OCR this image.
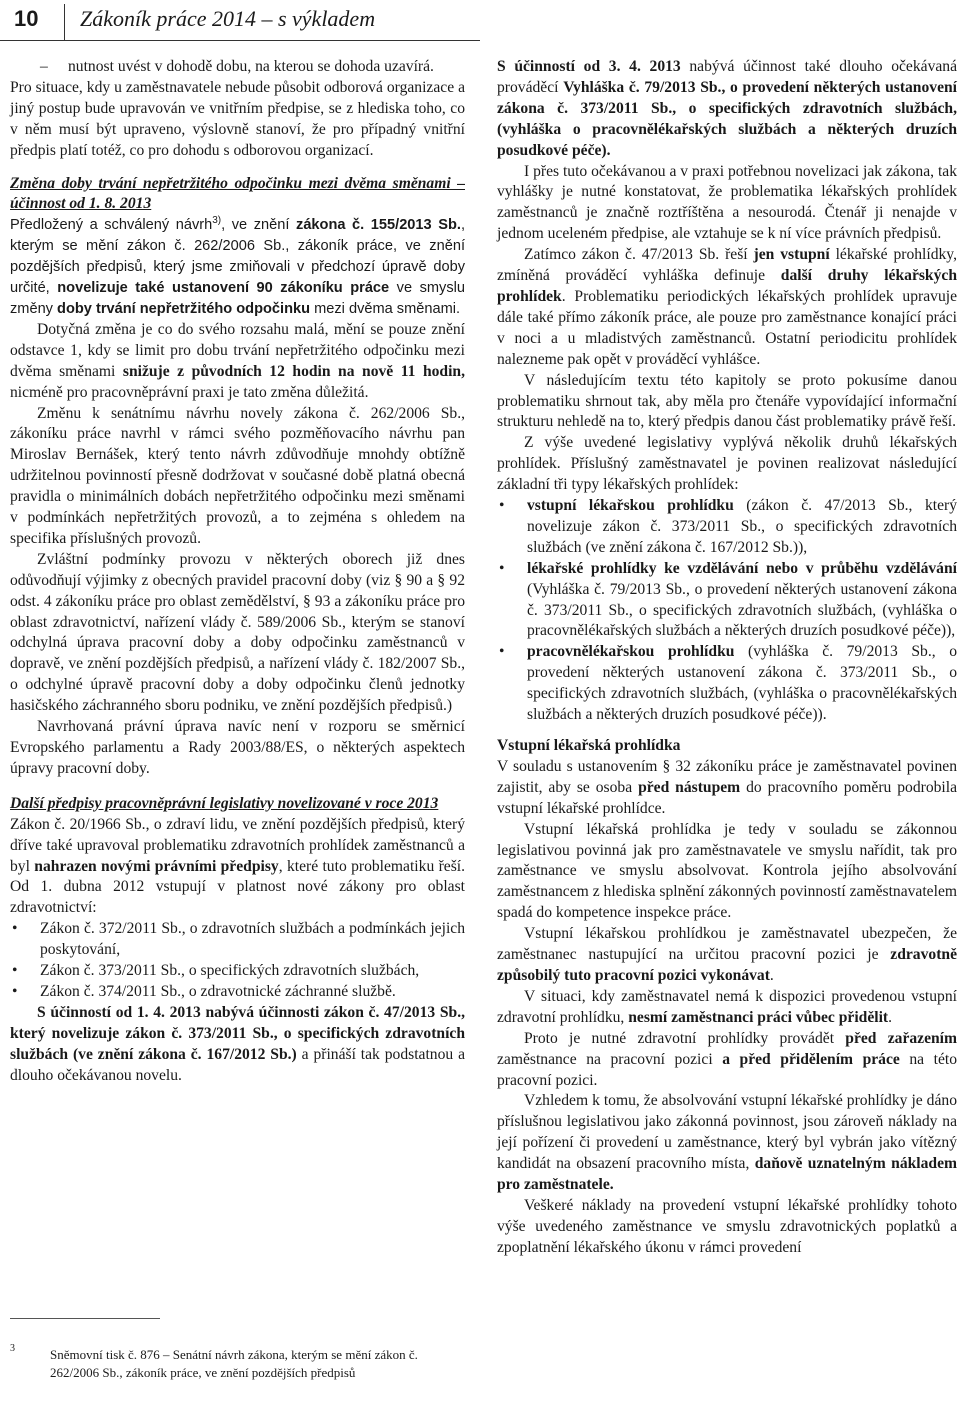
10 Zákoník práce 2014 – s výkladem

– nutnost uvést v dohodě dobu, na kterou se dohoda uzavírá.

Pro situace, kdy u zaměstnavatele nebude působit odborová organizace a jiný postup bude upravován ve vnitřním předpise, se z hlediska toho, co v něm musí být upraveno, výslovně stanoví, že pro případný vnitřní předpis platí totéž, co pro dohodu s odborovou organizací.

Změna doby trvání nepřetržitého odpočinku mezi dvěma směnami – účinnost od 1. 8. 2013

Předložený a schválený návrh$^{3)}$, ve znění zákona č. 155/2013 Sb., kterým se mění zákon č. 262/2006 Sb., zákoník práce, ve znění pozdějších předpisů, který jsme zmiňovali v předchozí úpravě doby určité, novelizuje také ustanovení 90 zákoníku práce ve smyslu změny doby trvání nepřetržitého odpočinku mezi dvěma směnami.

Dotyčná změna je co do svého rozsahu malá, mění se pouze znění odstavce 1, kdy se limit pro dobu trvání nepřetržitého odpočinku mezi dvěma směnami snižuje z původních 12 hodin na nově 11 hodin, nicméně pro pracovněprávní praxi je tato změna důležitá.

Změnu k senátnímu návrhu novely zákona č. 262/2006 Sb., zákoníku práce navrhl v rámci svého pozměňovacího návrhu pan Miroslav Bernášek, který tento návrh zdůvodňuje mnohdy obtížně udržitelnou povinností přesně dodržovat v současné době platná obecná pravidla o minimálních dobách nepřetržitého odpočinku mezi směnami v podmínkách nepřetržitých provozů, a to zejména s ohledem na specifika příslušných provozů.

Zvláštní podmínky provozu v některých oborech již dnes odůvodňují výjimky z obecných pravidel pracovní doby (viz § 90 a § 92 odst. 4 zákoníku práce pro oblast zemědělství, § 93 a zákoníku práce pro oblast zdravotnictví, nařízení vlády č. 589/2006 Sb., kterým se stanoví odchylná úprava pracovní doby a doby odpočinku zaměstnanců v dopravě, ve znění pozdějších předpisů, a nařízení vlády č. 182/2007 Sb., o odchylné úpravě pracovní doby a doby odpočinku členů jednotky hasičského záchranného sboru podniku, ve znění pozdějších předpisů.)

Navrhovaná právní úprava navíc není v rozporu se směrnicí Evropského parlamentu a Rady 2003/88/ES, o některých aspektech úpravy pracovní doby.

Další předpisy pracovněprávní legislativy novelizované v roce 2013

Zákon č. 20/1966 Sb., o zdraví lidu, ve znění pozdějších předpisů, který dříve také upravoval problematiku zdravotních prohlídek zaměstnanců a byl nahrazen novými právními předpisy, které tuto problematiku řeší. Od 1. dubna 2012 vstupují v platnost nové zákony pro oblast zdravotnictví:

• Zákon č. 372/2011 Sb., o zdravotních službách a podmínkách jejich poskytování,
• Zákon č. 373/2011 Sb., o specifických zdravotních službách,
• Zákon č. 374/2011 Sb., o zdravotnické záchranné službě.

S účinností od 1. 4. 2013 nabývá účinnosti zákon č. 47/2013 Sb., který novelizuje zákon č. 373/2011 Sb., o specifických zdravotních službách (ve znění zákona č. 167/2012 Sb.) a přináší tak podstatnou a dlouho očekávanou novelu.

3	Sněmovní tisk č. 876 – Senátní návrh zákona, kterým se mění zákon č. 262/2006 Sb., zákoník práce, ve znění pozdějších předpisů

S účinností od 3. 4. 2013 nabývá účinnost také dlouho očekávaná prováděcí Vyhláška č. 79/2013 Sb., o provedení některých ustanovení zákona č. 373/2011 Sb., o specifických zdravotních službách, (vyhláška o pracovnělékařských službách a některých druzích posudkové péče).

I přes tuto očekávanou a v praxi potřebnou novelizaci jak zákona, tak vyhlášky je nutné konstatovat, že problematika lékařských prohlídek zaměstnanců je značně roztříštěna a nesourodá. Čtenář ji nenajde v jednom uceleném předpise, ale vztahuje se k ní více právních předpisů.

Zatímco zákon č. 47/2013 Sb. řeší jen vstupní lékařské prohlídky, zmíněná prováděcí vyhláška definuje další druhy lékařských prohlídek. Problematiku periodických lékařských prohlídek upravuje dále také přímo zákoník práce, ale pouze pro zaměstnance konající práci v noci a u mladistvých zaměstnanců. Ostatní periodicitu prohlídek nalezneme pak opět v prováděcí vyhlášce.

V následujícím textu této kapitoly se proto pokusíme danou problematiku shrnout tak, aby měla pro čtenáře vypovídající informační strukturu nehledě na to, který předpis danou část problematiky právě řeší.

Z výše uvedené legislativy vyplývá několik druhů lékařských prohlídek. Příslušný zaměstnavatel je povinen realizovat následující základní tři typy lékařských prohlídek:

• vstupní lékařskou prohlídku (zákon č. 47/2013 Sb., který novelizuje zákon č. 373/2011 Sb., o specifických zdravotních službách (ve znění zákona č. 167/2012 Sb.)),
• lékařské prohlídky ke vzdělávání nebo v průběhu vzdělávání (Vyhláška č. 79/2013 Sb., o provedení některých ustanovení zákona č. 373/2011 Sb., o specifických zdravotních službách, (vyhláška o pracovnělékařských službách a některých druzích posudkové péče)),
• pracovnělékařskou prohlídku (vyhláška č. 79/2013 Sb., o provedení některých ustanovení zákona č. 373/2011 Sb., o specifických zdravotních službách, (vyhláška o pracovnělékařských službách a některých druzích posudkové péče)).

Vstupní lékařská prohlídka

V souladu s ustanovením § 32 zákoníku práce je zaměstnavatel povinen zajistit, aby se osoba před nástupem do pracovního poměru podrobila vstupní lékařské prohlídce.

Vstupní lékařská prohlídka je tedy v souladu se zákonnou legislativou povinná jak pro zaměstnavatele ve smyslu nařídit, tak pro zaměstnance ve smyslu absolvovat. Kontrola jejího absolvování zaměstnancem z hlediska splnění zákonných povinností zaměstnavatelem spadá do kompetence inspekce práce.

Vstupní lékařskou prohlídkou je zaměstnavatel ubezpečen, že zaměstnanec nastupující na určitou pracovní pozici je zdravotně způsobilý tuto pracovní pozici vykonávat.

V situaci, kdy zaměstnavatel nemá k dispozici provedenou vstupní zdravotní prohlídku, nesmí zaměstnanci práci vůbec přidělit.

Proto je nutné zdravotní prohlídky provádět před zařazením zaměstnance na pracovní pozici a před přidělením práce na této pracovní pozici.

Vzhledem k tomu, že absolvování vstupní lékařské prohlídky je dáno příslušnou legislativou jako zákonná povinnost, jsou zároveň náklady na její pořízení či provedení u zaměstnance, který byl vybrán jako vítězný kandidát na obsazení pracovního místa, daňově uznatelným nákladem pro zaměstnatele.

Veškeré náklady na provedení vstupní lékařské prohlídky tohoto výše uvedeného zaměstnance ve smyslu zdravotnických poplatků a zpoplatnění lékařského úkonu v rámci provedení
